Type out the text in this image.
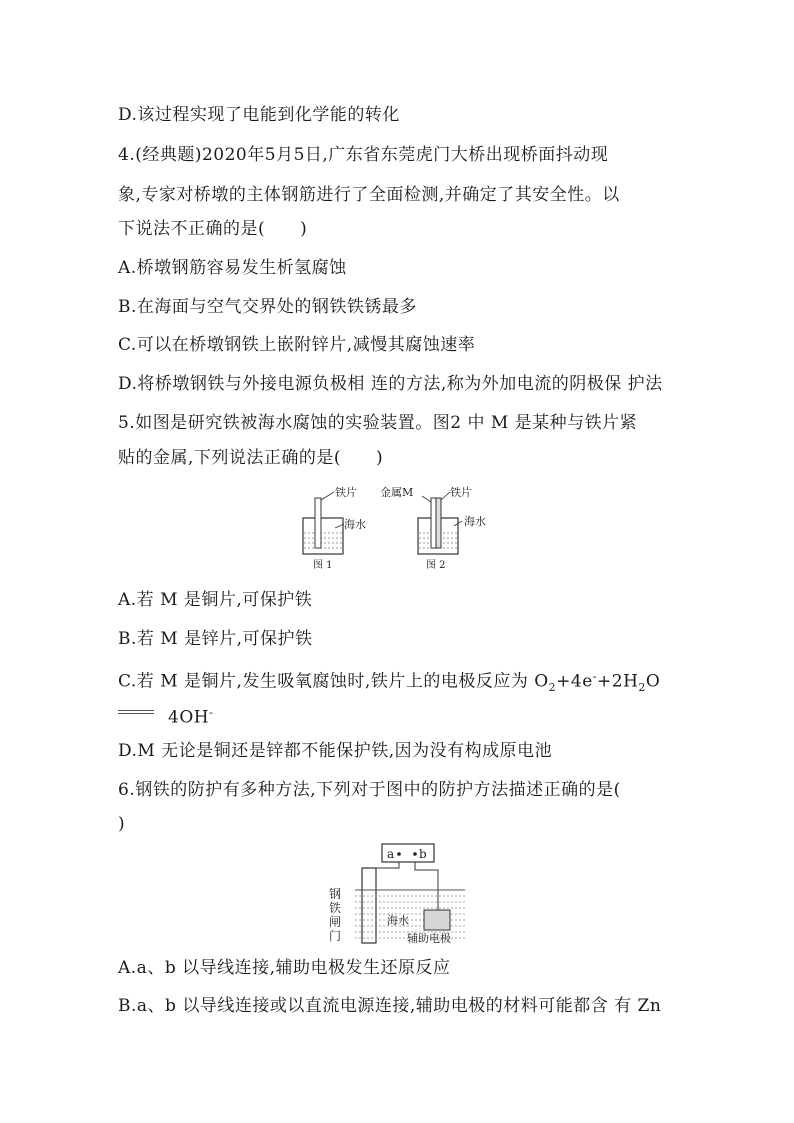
D.该过程实现了电能到化学能的转化
4.(经典题)2020年5月5日,广东省东莞虎门大桥出现桥面抖动现
象,专家对桥墩的主体钢筋进行了全面检测,并确定了其安全性。以
下说法不正确的是(　　)
A.桥墩钢筋容易发生析氢腐蚀
B.在海面与空气交界处的钢铁铁锈最多
C.可以在桥墩钢铁上嵌附锌片,减慢其腐蚀速率
D.将桥墩钢铁与外接电源负极相 连的方法,称为外加电流的阴极保 护法
5.如图是研究铁被海水腐蚀的实验装置。图2 中 M 是某种与铁片紧
贴的金属,下列说法正确的是(　　)
铁片
海水
图 1
金属M	铁片
海水
图 2
A.若 M 是铜片,可保护铁
B.若 M 是锌片,可保护铁
C.若 M 是铜片,发生吸氧腐蚀时,铁片上的电极反应为 $O_2+4e^-+2H_2O$
4OH-
D.M 无论是铜还是锌都不能保护铁,因为没有构成原电池
6.钢铁的防护有多种方法,下列对于图中的防护方法描述正确的是(
)
a b
钢
铁
闸
门
海水
辅助电极
A.a、b 以导线连接,辅助电极发生还原反应
B.a、b 以导线连接或以直流电源连接,辅助电极的材料可能都含 有 Zn
